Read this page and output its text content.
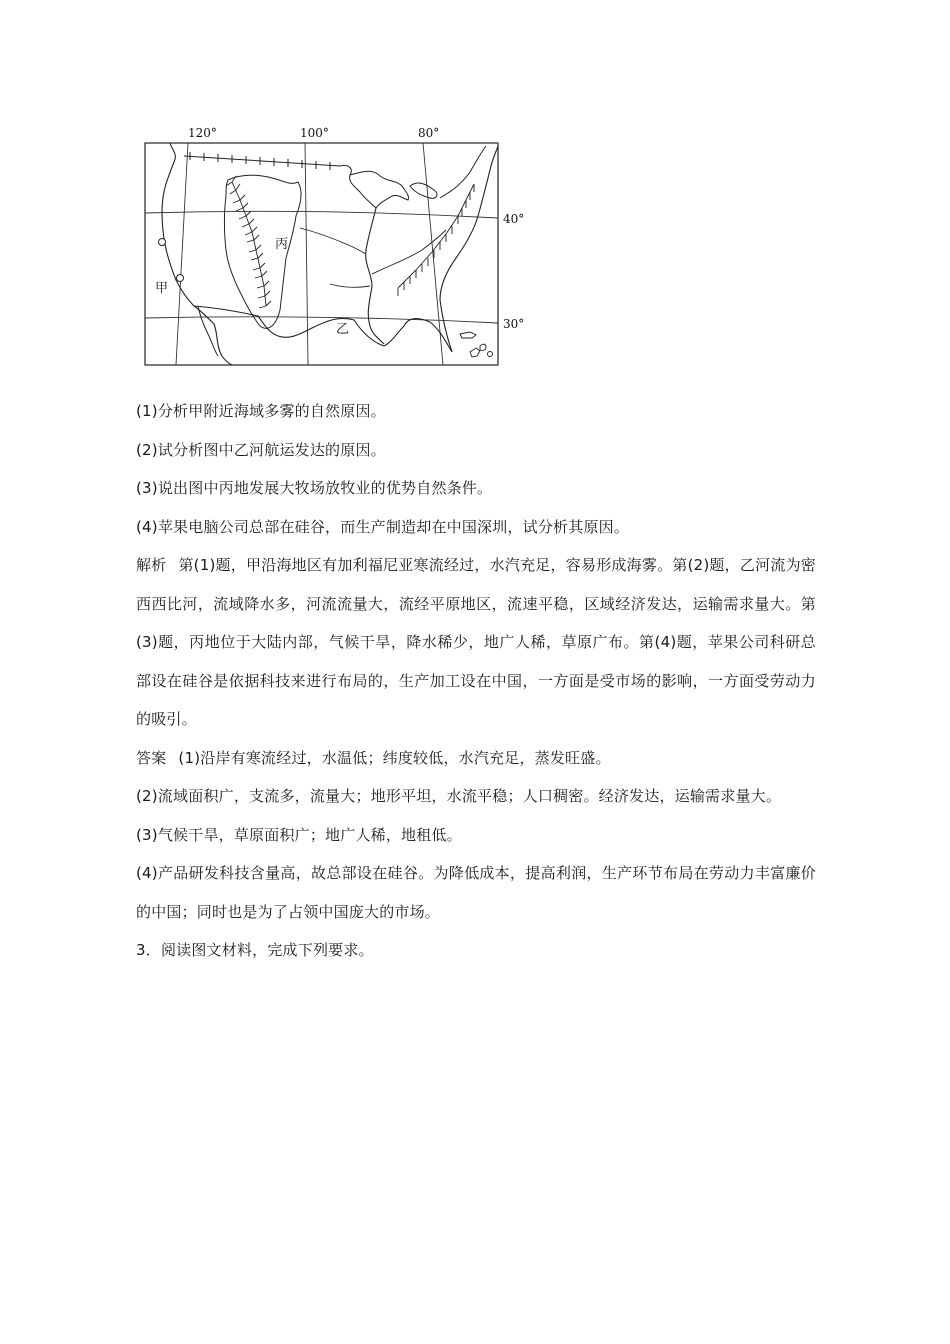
120°	100°	80°
40°
30°
甲
乙
丙

(1)分析甲附近海域多雾的自然原因。

(2)试分析图中乙河航运发达的原因。

(3)说出图中丙地发展大牧场放牧业的优势自然条件。

(4)苹果电脑公司总部在硅谷，而生产制造却在中国深圳，试分析其原因。

解析 第(1)题，甲沿海地区有加利福尼亚寒流经过，水汽充足，容易形成海雾。第(2)题，乙河流为密西西比河，流域降水多，河流流量大，流经平原地区，流速平稳，区域经济发达，运输需求量大。第(3)题，丙地位于大陆内部，气候干旱，降水稀少，地广人稀，草原广布。第(4)题，苹果公司科研总部设在硅谷是依据科技来进行布局的，生产加工设在中国，一方面是受市场的影响，一方面受劳动力的吸引。

答案 (1)沿岸有寒流经过，水温低；纬度较低，水汽充足，蒸发旺盛。

(2)流域面积广，支流多，流量大；地形平坦，水流平稳；人口稠密。经济发达，运输需求量大。

(3)气候干旱，草原面积广；地广人稀，地租低。

(4)产品研发科技含量高，故总部设在硅谷。为降低成本，提高利润，生产环节布局在劳动力丰富廉价的中国；同时也是为了占领中国庞大的市场。

3．阅读图文材料，完成下列要求。
